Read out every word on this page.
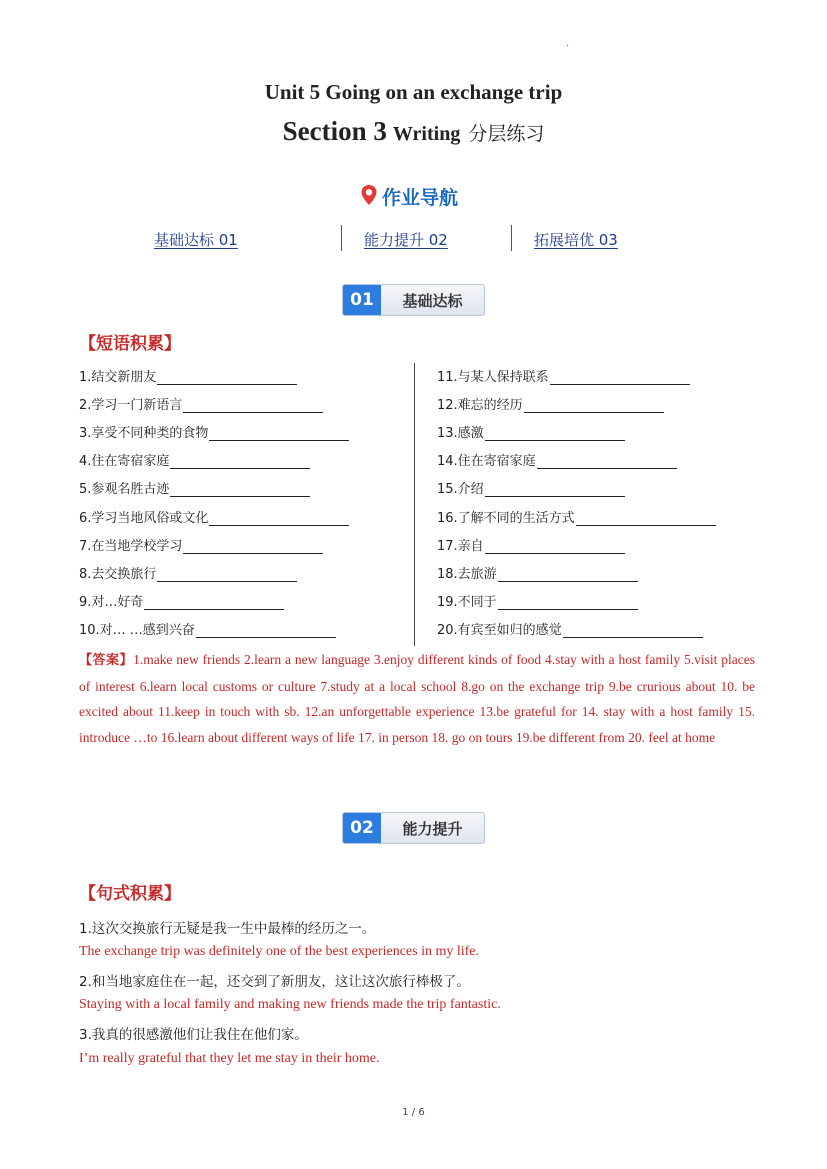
.
Unit 5 Going on an exchange trip
Section 3 Writing 分层练习
作业导航
基础达标 01	能力提升 02	拓展培优 03
01	基础达标
【短语积累】
1.结交新朋友
2.学习一门新语言
3.享受不同种类的食物
4.住在寄宿家庭
5.参观名胜古迹
6.学习当地风俗或文化
7.在当地学校学习
8.去交换旅行
9.对…好奇
10.对… …感到兴奋
11.与某人保持联系
12.难忘的经历
13.感激
14.住在寄宿家庭
15.介绍
16.了解不同的生活方式
17.亲自
18.去旅游
19.不同于
20.有宾至如归的感觉
【答案】1.make new friends 2.learn a new language 3.enjoy different kinds of food 4.stay with a host family 5.visit places of interest 6.learn local customs or culture 7.study at a local school 8.go on the exchange trip 9.be crurious about 10. be excited about 11.keep in touch with sb. 12.an unforgettable experience 13.be grateful for 14. stay with a host family 15. introduce …to 16.learn about different ways of life 17. in person 18. go on tours 19.be different from 20. feel at home
02	能力提升
【句式积累】
1.这次交换旅行无疑是我一生中最棒的经历之一。
The exchange trip was definitely one of the best experiences in my life.
2.和当地家庭住在一起，还交到了新朋友，这让这次旅行棒极了。
Staying with a local family and making new friends made the trip fantastic.
3.我真的很感激他们让我住在他们家。
I’m really grateful that they let me stay in their home.
1 / 6
